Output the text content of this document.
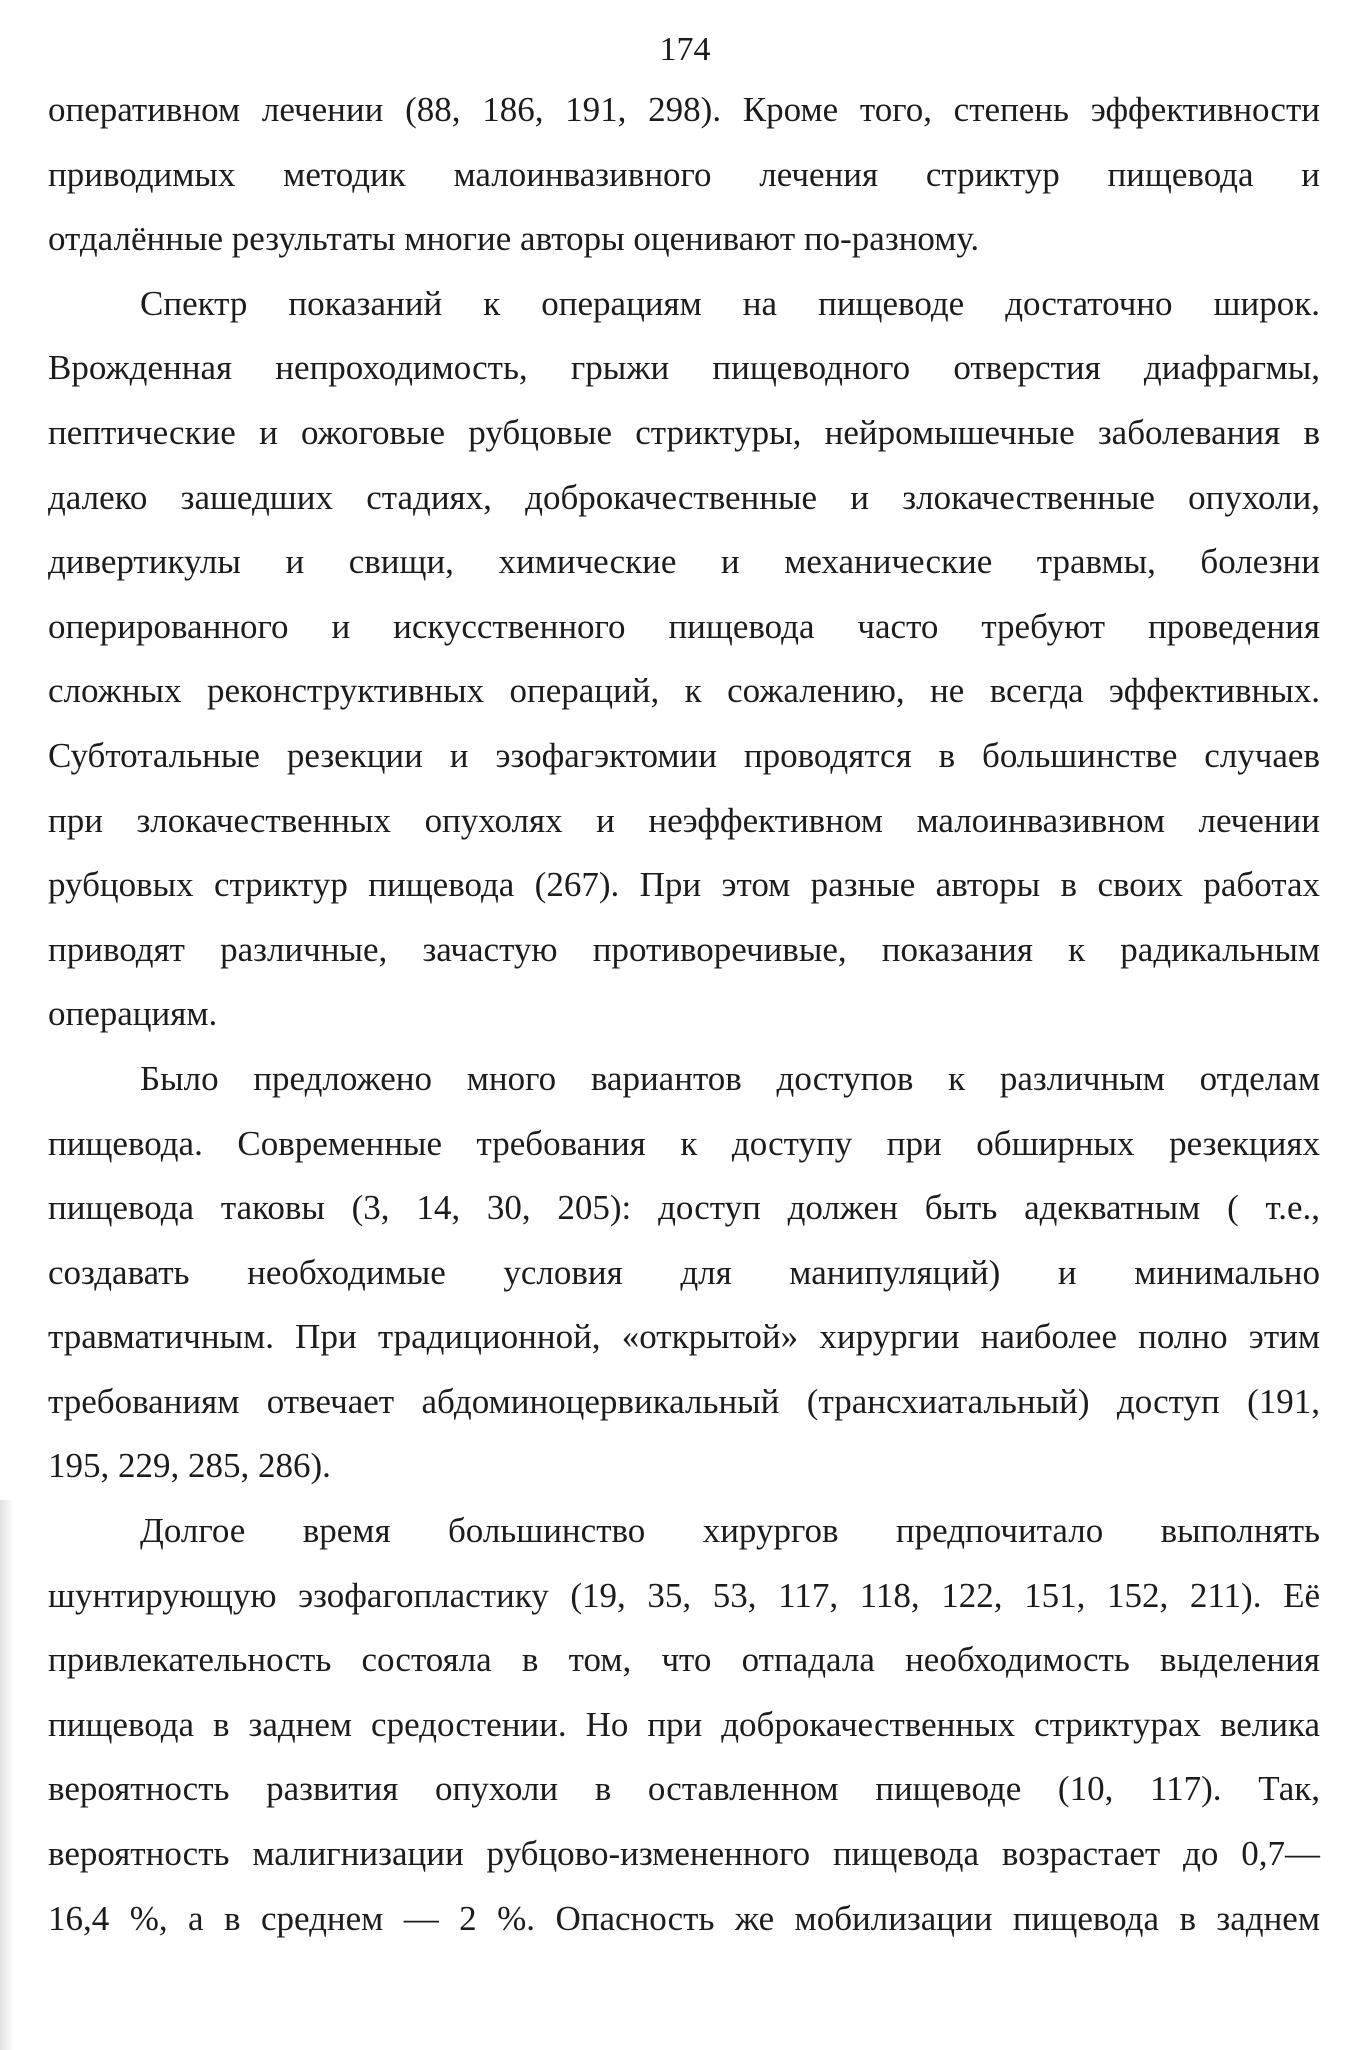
174
оперативном лечении (88, 186, 191, 298). Кроме того, степень эффективности
приводимых методик малоинвазивного лечения стриктур пищевода и
отдалённые результаты многие авторы оценивают по-разному.
Спектр показаний к операциям на пищеводе достаточно широк.
Врожденная непроходимость, грыжи пищеводного отверстия диафрагмы,
пептические и ожоговые рубцовые стриктуры, нейромышечные заболевания в
далеко зашедших стадиях, доброкачественные и злокачественные опухоли,
дивертикулы и свищи, химические и механические травмы, болезни
оперированного и искусственного пищевода часто требуют проведения
сложных реконструктивных операций, к сожалению, не всегда эффективных.
Субтотальные резекции и эзофагэктомии проводятся в большинстве случаев
при злокачественных опухолях и неэффективном малоинвазивном лечении
рубцовых стриктур пищевода (267). При этом разные авторы в своих работах
приводят различные, зачастую противоречивые, показания к радикальным
операциям.
Было предложено много вариантов доступов к различным отделам
пищевода. Современные требования к доступу при обширных резекциях
пищевода таковы (3, 14, 30, 205): доступ должен быть адекватным ( т.е.,
создавать необходимые условия для манипуляций) и минимально
травматичным. При традиционной, «открытой» хирургии наиболее полно этим
требованиям отвечает абдоминоцервикальный (трансхиатальный) доступ (191,
195, 229, 285, 286).
Долгое время большинство хирургов предпочитало выполнять
шунтирующую эзофагопластику (19, 35, 53, 117, 118, 122, 151, 152, 211). Её
привлекательность состояла в том, что отпадала необходимость выделения
пищевода в заднем средостении. Но при доброкачественных стриктурах велика
вероятность развития опухоли в оставленном пищеводе (10, 117). Так,
вероятность малигнизации рубцово-измененного пищевода возрастает до 0,7—
16,4 %, а в среднем — 2 %. Опасность же мобилизации пищевода в заднем
